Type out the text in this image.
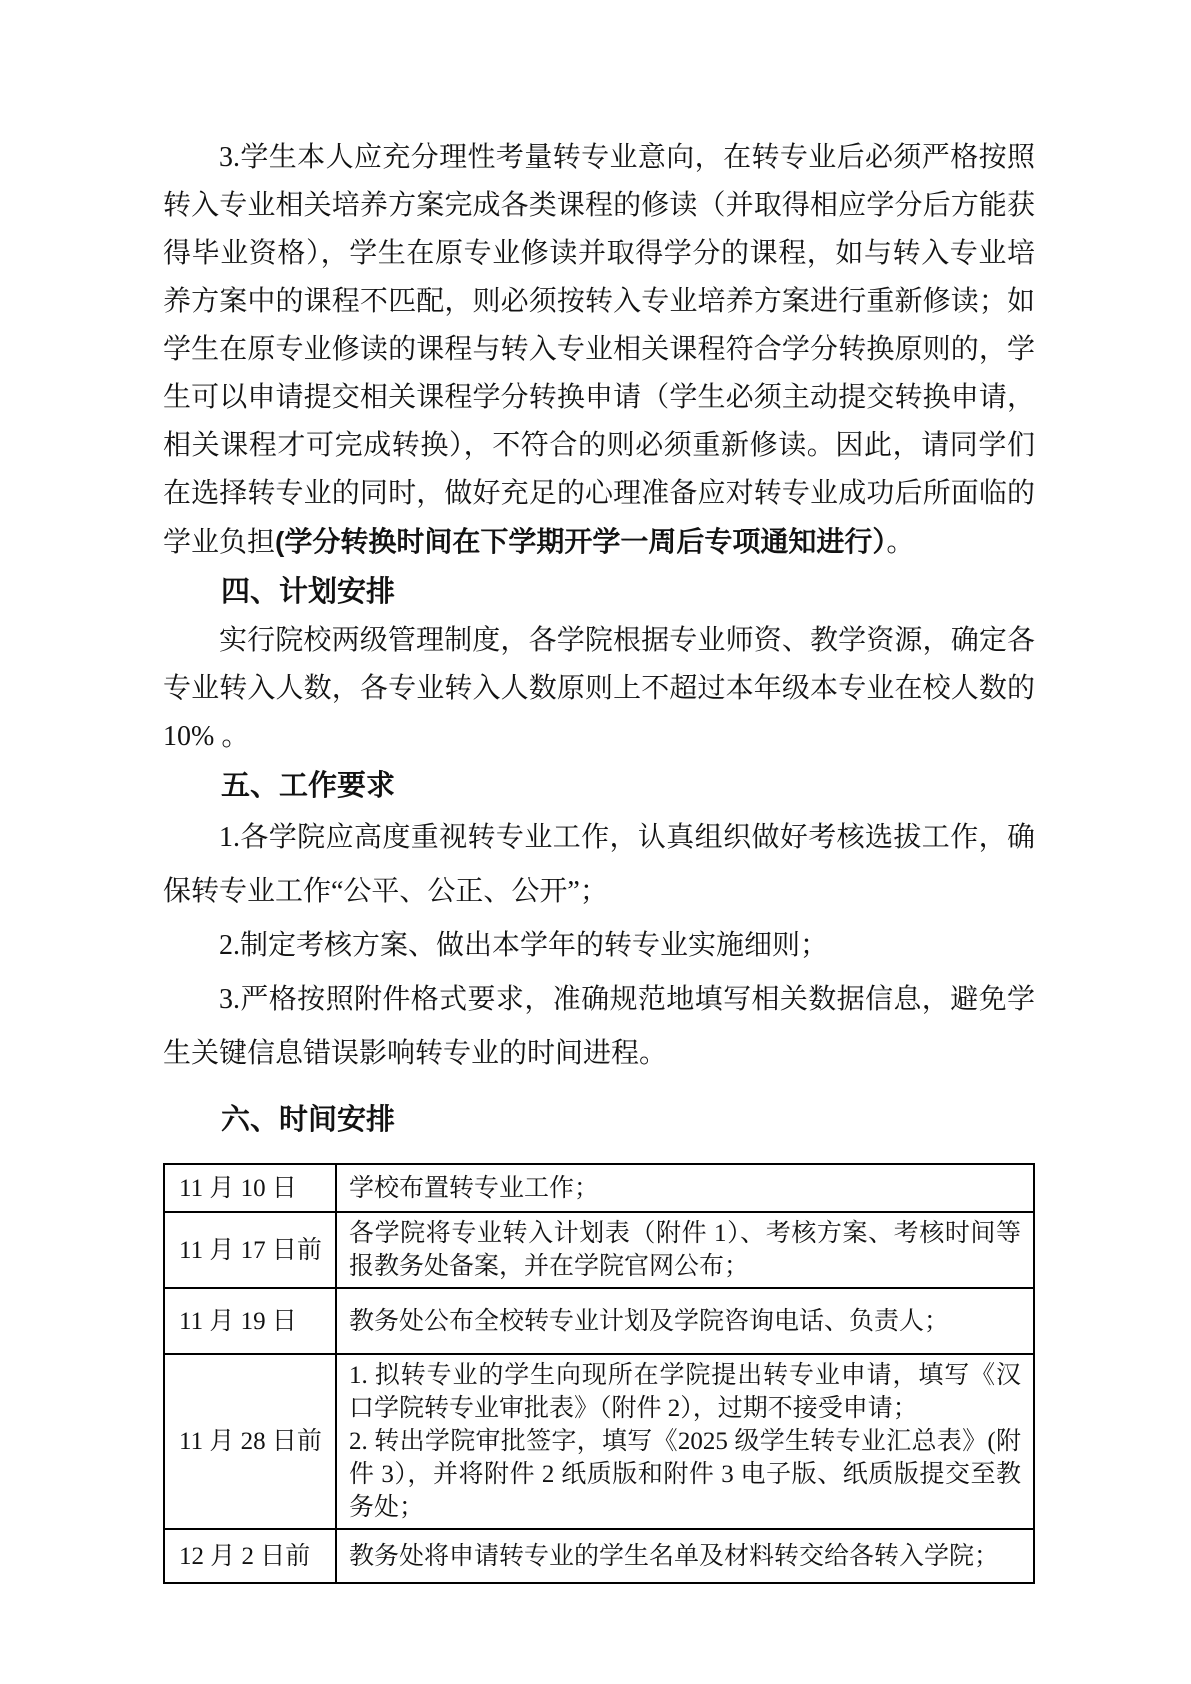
3.学生本人应充分理性考量转专业意向，在转专业后必须严格按照转入专业相关培养方案完成各类课程的修读（并取得相应学分后方能获得毕业资格），学生在原专业修读并取得学分的课程，如与转入专业培养方案中的课程不匹配，则必须按转入专业培养方案进行重新修读；如学生在原专业修读的课程与转入专业相关课程符合学分转换原则的，学生可以申请提交相关课程学分转换申请（学生必须主动提交转换申请，相关课程才可完成转换），不符合的则必须重新修读。因此，请同学们在选择转专业的同时，做好充足的心理准备应对转专业成功后所面临的学业负担(学分转换时间在下学期开学一周后专项通知进行）。

四、计划安排

实行院校两级管理制度，各学院根据专业师资、教学资源，确定各专业转入人数，各专业转入人数原则上不超过本年级本专业在校人数的 10% 。

五、工作要求

1.各学院应高度重视转专业工作，认真组织做好考核选拔工作，确保转专业工作“公平、公正、公开”；

2.制定考核方案、做出本学年的转专业实施细则；

3.严格按照附件格式要求，准确规范地填写相关数据信息，避免学生关键信息错误影响转专业的时间进程。

六、时间安排
11 月 10 日	学校布置转专业工作；

11 月 17 日前	各学院将专业转入计划表（附件 1）、考核方案、考核时间等报教务处备案，并在学院官网公布；

11 月 19 日	教务处公布全校转专业计划及学院咨询电话、负责人；

11 月 28 日前	1. 拟转专业的学生向现所在学院提出转专业申请，填写《汉口学院转专业审批表》（附件 2），过期不接受申请；
2. 转出学院审批签字，填写《2025 级学生转专业汇总表》(附件 3），并将附件 2 纸质版和附件 3 电子版、纸质版提交至教务处；

12 月 2 日前	教务处将申请转专业的学生名单及材料转交给各转入学院；
